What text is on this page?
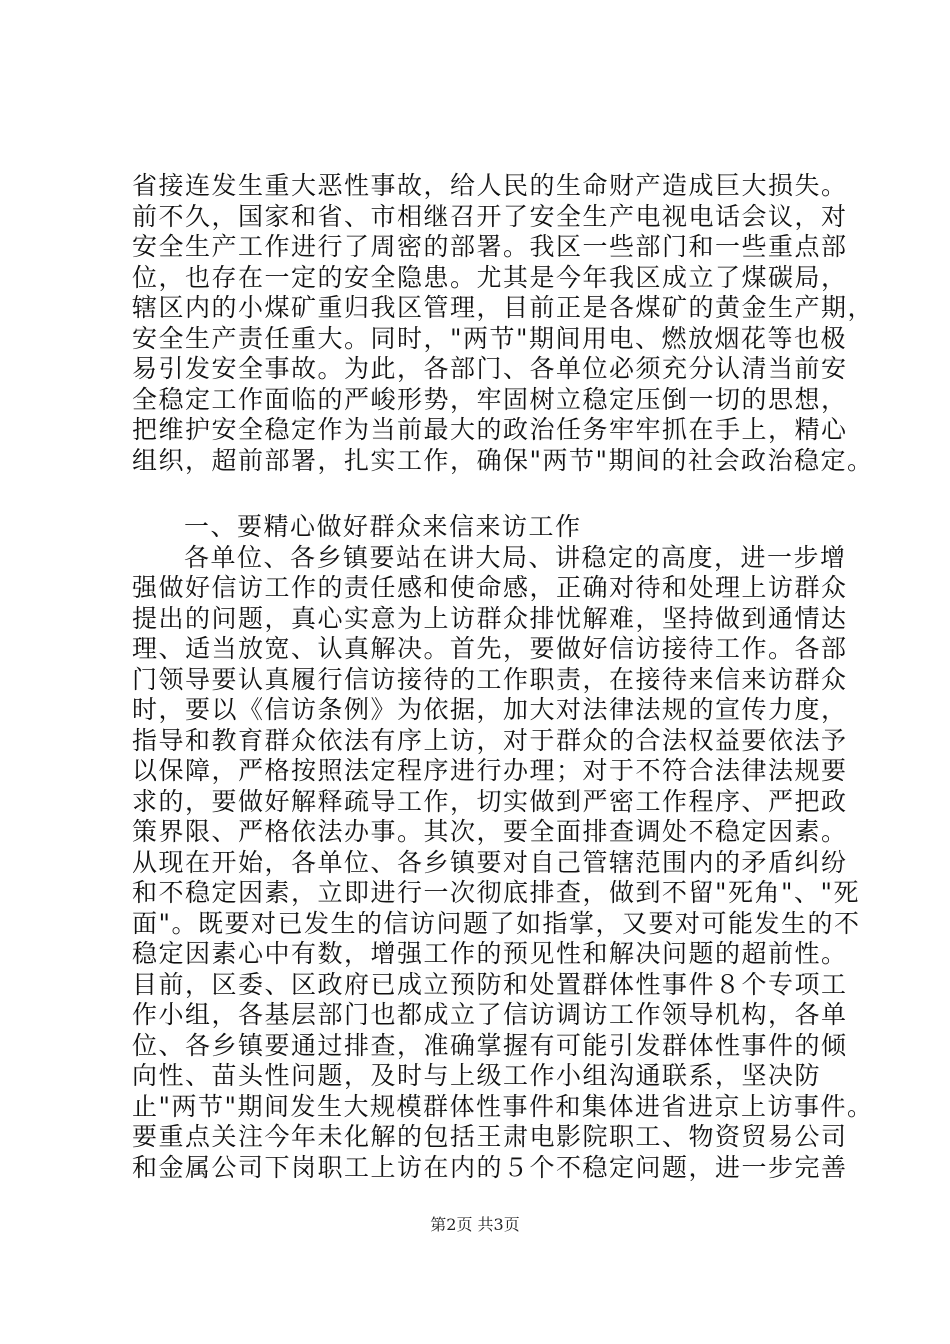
省接连发生重大恶性事故，给人民的生命财产造成巨大损失。
前不久，国家和省、市相继召开了安全生产电视电话会议，对
安全生产工作进行了周密的部署。我区一些部门和一些重点部
位，也存在一定的安全隐患。尤其是今年我区成立了煤碳局，
辖区内的小煤矿重归我区管理，目前正是各煤矿的黄金生产期，
安全生产责任重大。同时，"两节"期间用电、燃放烟花等也极
易引发安全事故。为此，各部门、各单位必须充分认清当前安
全稳定工作面临的严峻形势，牢固树立稳定压倒一切的思想，
把维护安全稳定作为当前最大的政治任务牢牢抓在手上，精心
组织，超前部署，扎实工作，确保"两节"期间的社会政治稳定。
一、要精心做好群众来信来访工作
各单位、各乡镇要站在讲大局、讲稳定的高度，进一步增
强做好信访工作的责任感和使命感，正确对待和处理上访群众
提出的问题，真心实意为上访群众排忧解难，坚持做到通情达
理、适当放宽、认真解决。首先，要做好信访接待工作。各部
门领导要认真履行信访接待的工作职责，在接待来信来访群众
时，要以《信访条例》为依据，加大对法律法规的宣传力度，
指导和教育群众依法有序上访，对于群众的合法权益要依法予
以保障，严格按照法定程序进行办理；对于不符合法律法规要
求的，要做好解释疏导工作，切实做到严密工作程序、严把政
策界限、严格依法办事。其次，要全面排查调处不稳定因素。
从现在开始，各单位、各乡镇要对自己管辖范围内的矛盾纠纷
和不稳定因素，立即进行一次彻底排查，做到不留"死角"、"死
面"。既要对已发生的信访问题了如指掌，又要对可能发生的不
稳定因素心中有数，增强工作的预见性和解决问题的超前性。
目前，区委、区政府已成立预防和处置群体性事件８个专项工
作小组，各基层部门也都成立了信访调访工作领导机构，各单
位、各乡镇要通过排查，准确掌握有可能引发群体性事件的倾
向性、苗头性问题，及时与上级工作小组沟通联系，坚决防
止"两节"期间发生大规模群体性事件和集体进省进京上访事件。
要重点关注今年未化解的包括王肃电影院职工、物资贸易公司
和金属公司下岗职工上访在内的５个不稳定问题，进一步完善
第2页 共3页
